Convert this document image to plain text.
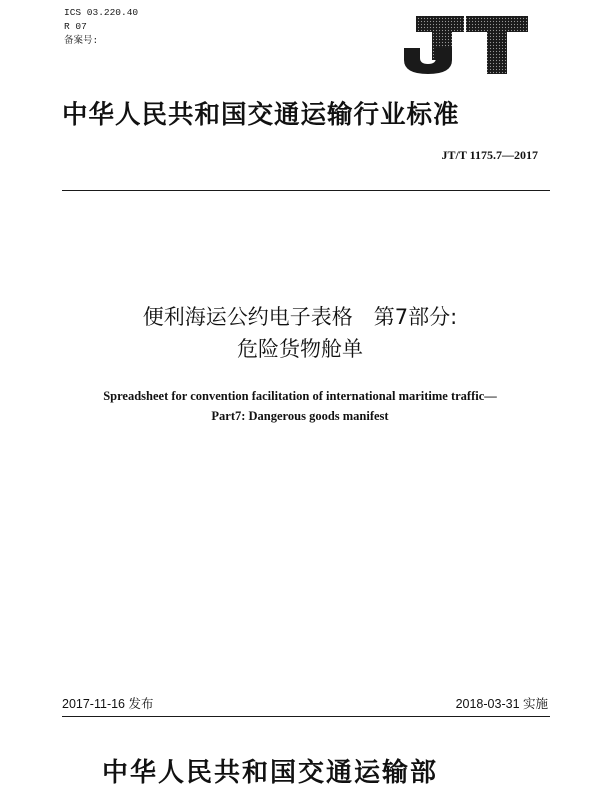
ICS 03.220.40
R 07
备案号:
中华人民共和国交通运输行业标准
JT/T 1175.7—2017
便利海运公约电子表格　第7部分:
危险货物舱单
Spreadsheet for convention facilitation of international maritime traffic—
Part7: Dangerous goods manifest
2017-11-16 发布	2018-03-31 实施
中华人民共和国交通运输部
